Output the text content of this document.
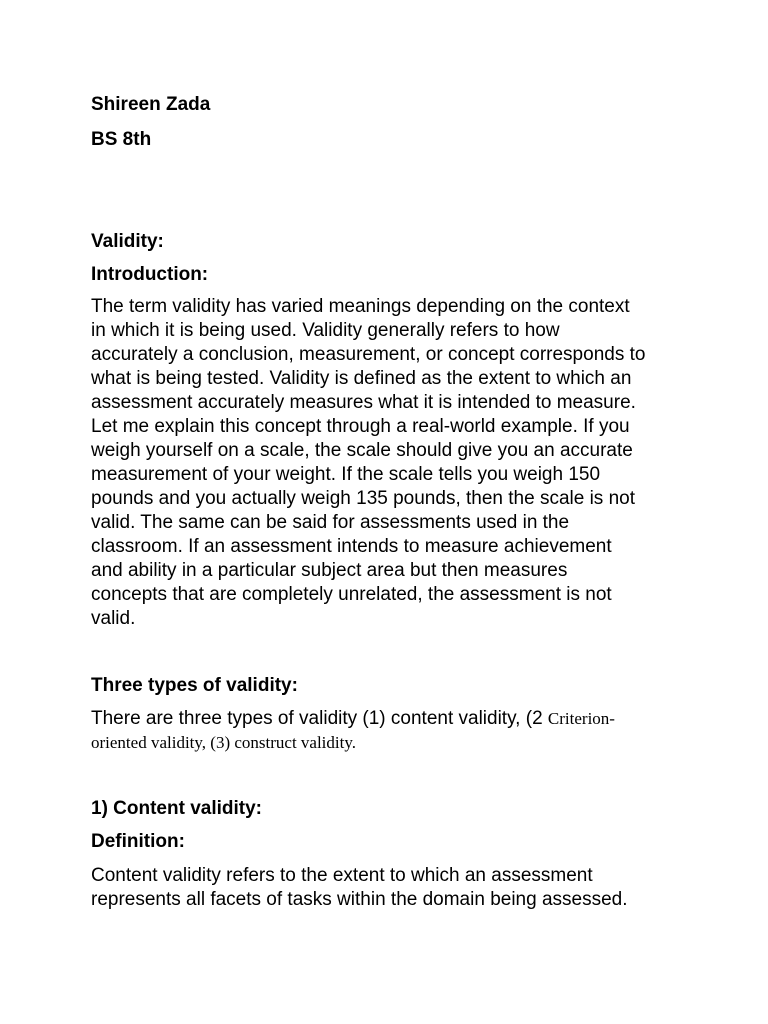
Shireen Zada
BS 8th
Validity:
Introduction:
The term validity has varied meanings depending on the context
in which it is being used. Validity generally refers to how
accurately a conclusion, measurement, or concept corresponds to
what is being tested. Validity is defined as the extent to which an
assessment accurately measures what it is intended to measure.
Let me explain this concept through a real-world example. If you
weigh yourself on a scale, the scale should give you an accurate
measurement of your weight. If the scale tells you weigh 150
pounds and you actually weigh 135 pounds, then the scale is not
valid. The same can be said for assessments used in the
classroom. If an assessment intends to measure achievement
and ability in a particular subject area but then measures
concepts that are completely unrelated, the assessment is not
valid.
Three types of validity:
There are three types of validity (1) content validity, (2 Criterion-
oriented validity, (3) construct validity.
1) Content validity:
Definition:
Content validity refers to the extent to which an assessment
represents all facets of tasks within the domain being assessed.
